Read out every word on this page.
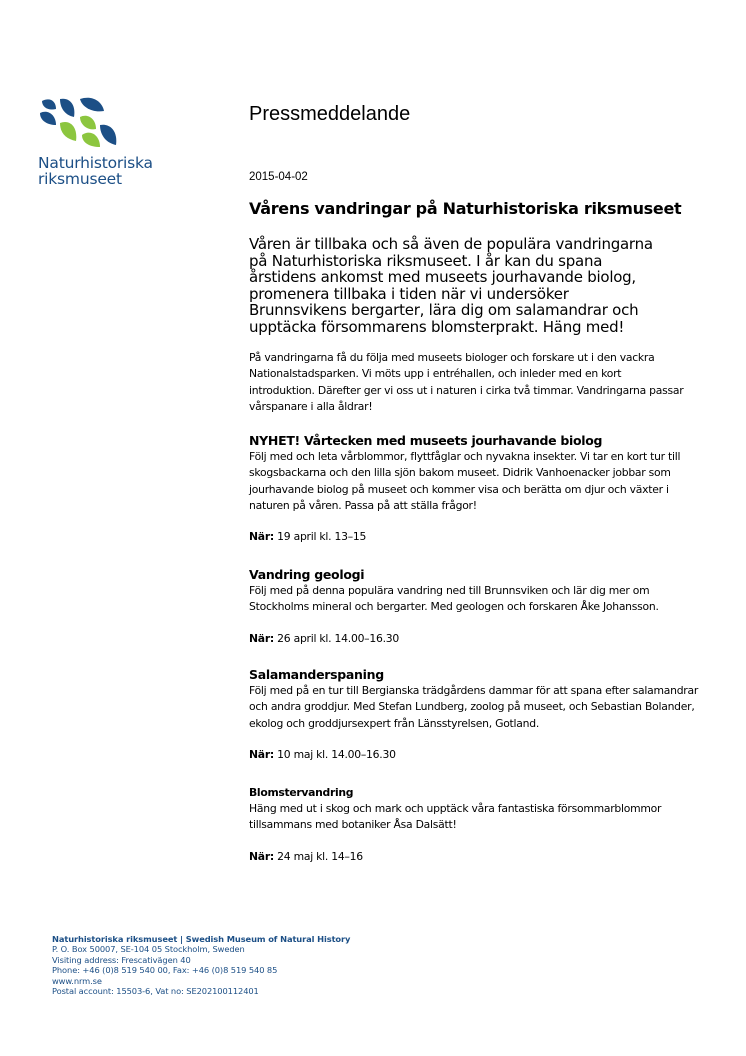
Naturhistoriska
riksmuseet
Pressmeddelande
2015-04-02
Vårens vandringar på Naturhistoriska riksmuseet
Våren är tillbaka och så även de populära vandringarna på Naturhistoriska riksmuseet. I år kan du spana årstidens ankomst med museets jourhavande biolog, promenera tillbaka i tiden när vi undersöker Brunnsvikens bergarter, lära dig om salamandrar och upptäcka försommarens blomsterprakt. Häng med!
På vandringarna få du följa med museets biologer och forskare ut i den vackra Nationalstadsparken. Vi möts upp i entréhallen, och inleder med en kort introduktion. Därefter ger vi oss ut i naturen i cirka två timmar. Vandringarna passar vårspanare i alla åldrar!
NYHET! Vårtecken med museets jourhavande biolog

Följ med och leta vårblommor, flyttfåglar och nyvakna insekter. Vi tar en kort tur till skogsbackarna och den lilla sjön bakom museet. Didrik Vanhoenacker jobbar som jourhavande biolog på museet och kommer visa och berätta om djur och växter i naturen på våren. Passa på att ställa frågor!

När: 19 april kl. 13–15
Vandring geologi

Följ med på denna populära vandring ned till Brunnsviken och lär dig mer om Stockholms mineral och bergarter. Med geologen och forskaren Åke Johansson.

När: 26 april kl. 14.00–16.30
Salamanderspaning

Följ med på en tur till Bergianska trädgårdens dammar för att spana efter salamandrar och andra groddjur. Med Stefan Lundberg, zoolog på museet, och Sebastian Bolander, ekolog och groddjursexpert från Länsstyrelsen, Gotland.

När: 10 maj kl. 14.00–16.30
Blomstervandring

Häng med ut i skog och mark och upptäck våra fantastiska försommarblommor tillsammans med botaniker Åsa Dalsätt!

När: 24 maj kl. 14–16
Naturhistoriska riksmuseet | Swedish Museum of Natural History
P. O. Box 50007, SE-104 05 Stockholm, Sweden
Visiting address: Frescativägen 40
Phone: +46 (0)8 519 540 00, Fax: +46 (0)8 519 540 85
www.nrm.se
Postal account: 15503-6, Vat no: SE202100112401
